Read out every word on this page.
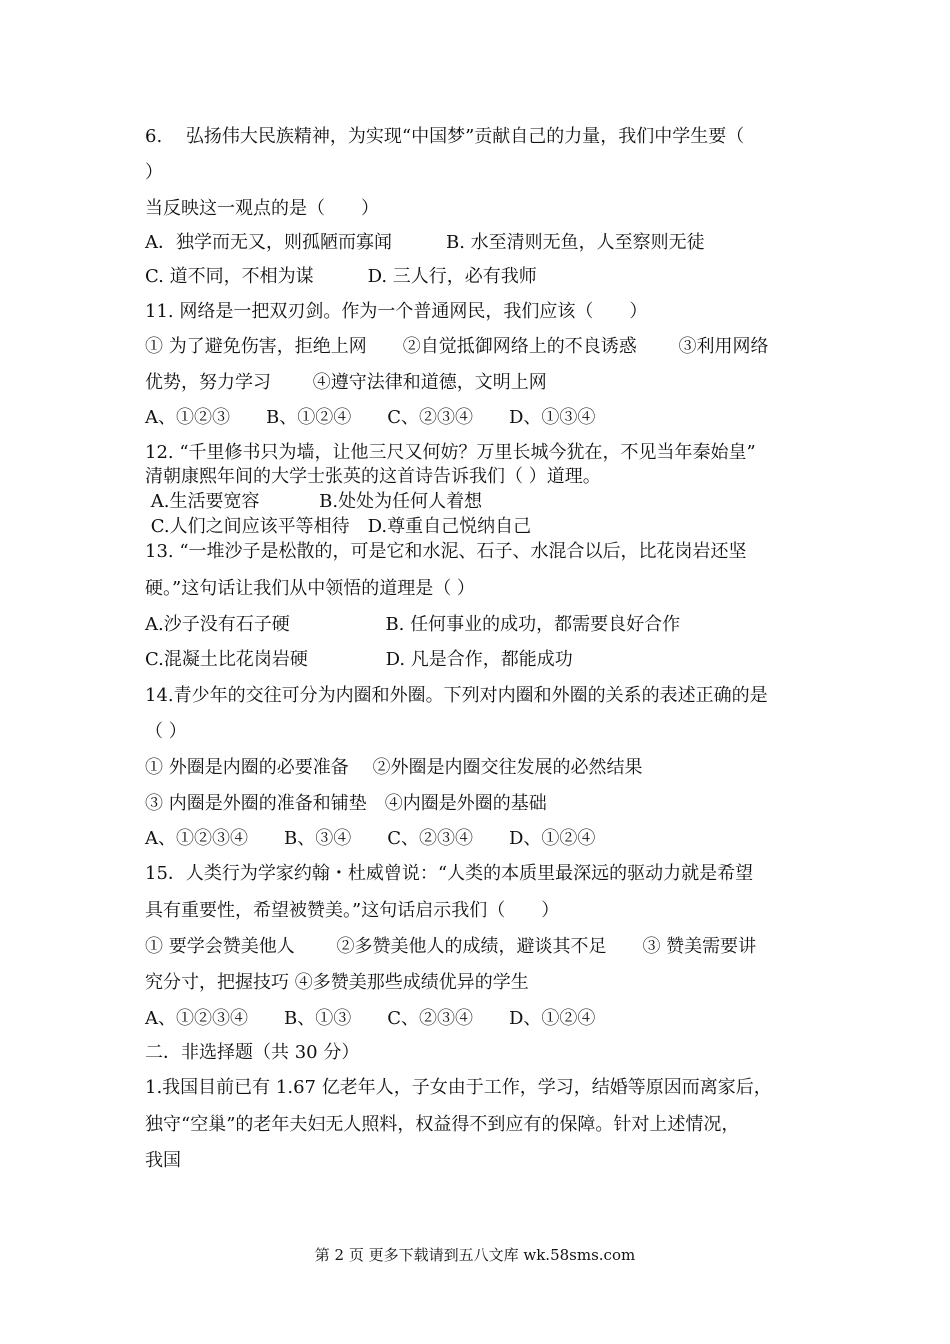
6.　 弘扬伟大民族精神，为实现“中国梦”贡献自己的力量，我们中学生要（
）
当反映这一观点的是（　　）
A．独学而无又，则孤陋而寡闻　　　B. 水至清则无鱼，人至察则无徒
C. 道不同，不相为谋　　　D. 三人行，必有我师
11. 网络是一把双刃剑。作为一个普通网民，我们应该（　　）
① 为了避免伤害，拒绝上网　　②自觉抵御网络上的不良诱惑　　 ③利用网络
优势，努力学习　　 ④遵守法律和道德，文明上网
A、①②③　　B、①②④　　C、②③④　　D、①③④
12. “千里修书只为墙，让他三尺又何妨？万里长城今犹在，不见当年秦始皇”
清朝康熙年间的大学士张英的这首诗告诉我们（ ）道理。
A.生活要宽容　　　 B.处处为任何人着想
C.人们之间应该平等相待　D.尊重自己悦纳自己
13. “一堆沙子是松散的，可是它和水泥、石子、水混合以后，比花岗岩还坚
硬。”这句话让我们从中领悟的道理是（ ）
A.沙子没有石子硬　　　　　 B. 任何事业的成功，都需要良好合作
C.混凝土比花岗岩硬　　　　 D. 凡是合作，都能成功
14.青少年的交往可分为内圈和外圈。下列对内圈和外圈的关系的表述正确的是
（ ）
① 外圈是内圈的必要准备　 ②外圈是内圈交往发展的必然结果
③ 内圈是外圈的准备和铺垫　④内圈是外圈的基础
A、①②③④　　B、③④　　C、②③④　　D、①②④
15．人类行为学家约翰・杜威曾说：“人类的本质里最深远的驱动力就是希望
具有重要性，希望被赞美。”这句话启示我们（　　）
① 要学会赞美他人　　 ②多赞美他人的成绩，避谈其不足　　③ 赞美需要讲
究分寸，把握技巧 ④多赞美那些成绩优异的学生
A、①②③④　　B、①③　　C、②③④　　D、①②④
二．非选择题（共 30 分）
1.我国目前已有 1.67 亿老年人，子女由于工作，学习，结婚等原因而离家后，
独守“空巢”的老年夫妇无人照料，权益得不到应有的保障。针对上述情况，
我国
第 2 页 更多下载请到五八文库 wk.58sms.com
